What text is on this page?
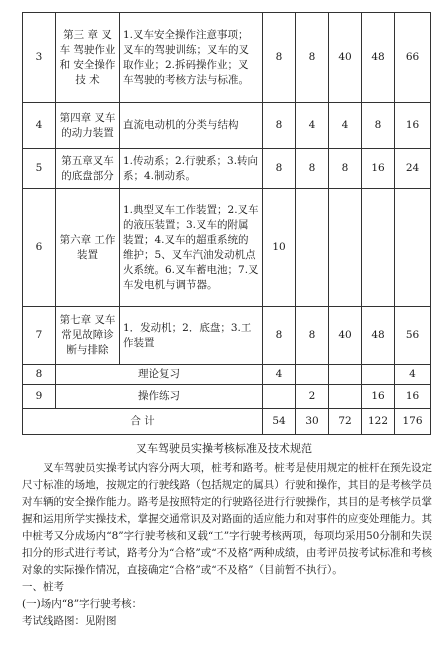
3	第三 章 叉车 驾驶作业和 安全操作技 术	1.叉车安全操作注意事项；叉车的驾驶训练；叉车的叉取作业；2.拆码操作业；叉车驾驶的考核方法与标准。	8	8	40	48	66
4	第四章 叉车的动力装置	直流电动机的分类与结构	8	4	4	8	16
5	第五章叉车的底盘部分	1.传动系；2.行驶系；3.转向系；4.制动系。	8	8	8	16	24
6	第六章 工作装置	1.典型叉车工作装置；2.叉车的液压装置；3.叉车的附属装置；4.叉车的超重系统的维护；5、叉车汽油发动机点火系统。6.叉车蓄电池；7.叉车发电机与调节器。	10				
7	第七章 叉车常见故障诊断与排除	1．发动机；2．底盘；3.工作装置	8	8	40	48	56
8	理论复习		4				4
9	操作练习			2		16	16
合 计			54	30	72	122	176
叉车驾驶员实操考核标准及技术规范

叉车驾驶员实操考试内容分两大项，桩考和路考。桩考是使用规定的桩杆在预先设定尺寸标准的场地，按规定的行驶线路（包括规定的属具）行驶和操作，其目的是考核学员对车辆的安全操作能力。路考是按照特定的行驶路径进行行驶操作，其目的是考核学员掌握和运用所学实操技术，掌握交通常识及对路面的适应能力和对事件的应变处理能力。其中桩考又分成场内“8”字行驶考核和叉载“工”字行驶考核两项，每项均采用50分制和失误扣分的形式进行考试，路考分为“合格”或“不及格”两种成绩，由考评员按考试标准和考核对象的实际操作情况，直接确定“合格”或“不及格”（目前暂不执行）。

一、桩考

(一)场内“8”字行驶考核：

考试线路图：见附图
